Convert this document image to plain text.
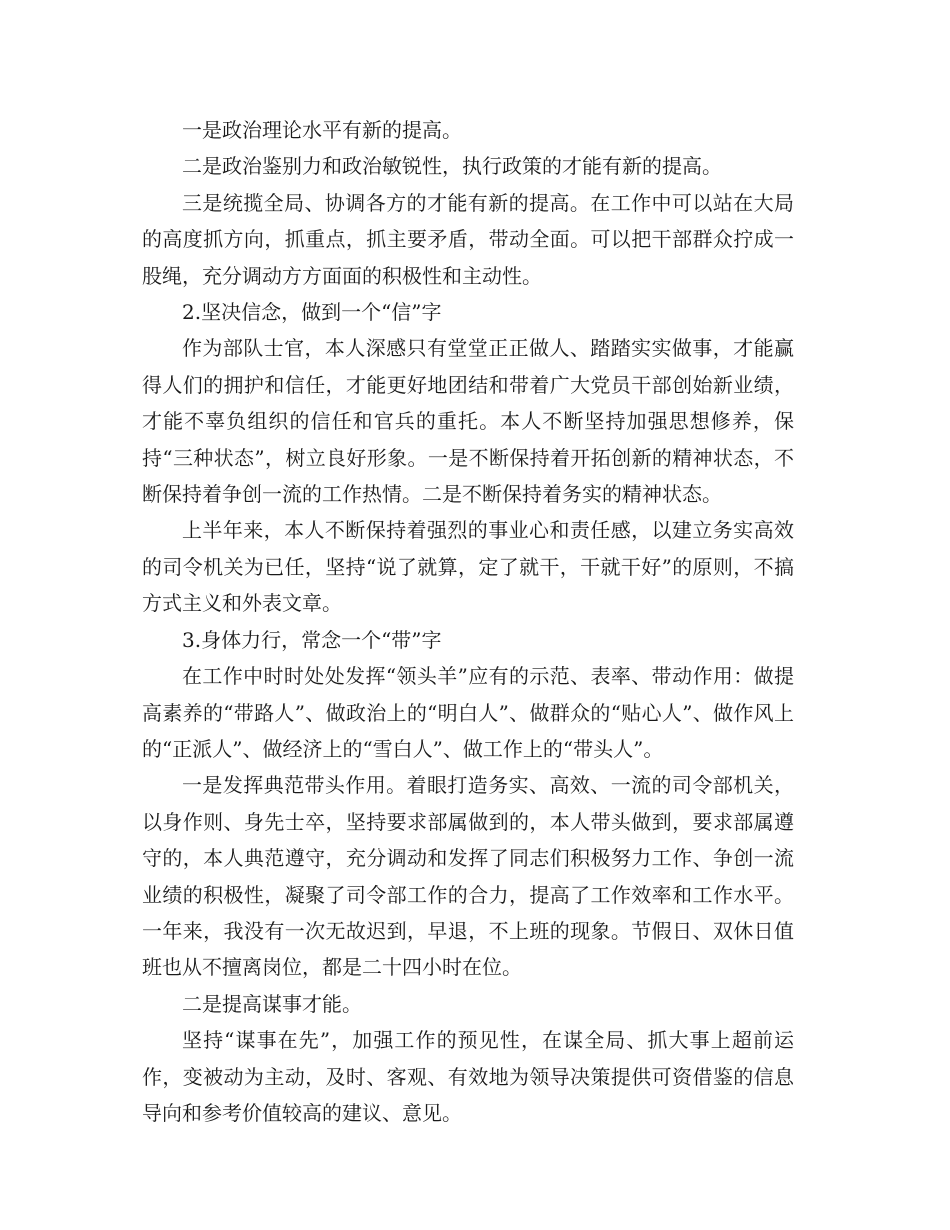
一是政治理论水平有新的提高。

二是政治鉴别力和政治敏锐性，执行政策的才能有新的提高。

三是统揽全局、协调各方的才能有新的提高。在工作中可以站在大局的高度抓方向，抓重点，抓主要矛盾，带动全面。可以把干部群众拧成一股绳，充分调动方方面面的积极性和主动性。

2.坚决信念，做到一个“信”字

作为部队士官，本人深感只有堂堂正正做人、踏踏实实做事，才能赢得人们的拥护和信任，才能更好地团结和带着广大党员干部创始新业绩，才能不辜负组织的信任和官兵的重托。本人不断坚持加强思想修养，保持“三种状态”，树立良好形象。一是不断保持着开拓创新的精神状态，不断保持着争创一流的工作热情。二是不断保持着务实的精神状态。

上半年来，本人不断保持着强烈的事业心和责任感，以建立务实高效的司令机关为已任，坚持“说了就算，定了就干，干就干好”的原则，不搞方式主义和外表文章。

3.身体力行，常念一个“带”字

在工作中时时处处发挥“领头羊”应有的示范、表率、带动作用：做提高素养的“带路人”、做政治上的“明白人”、做群众的“贴心人”、做作风上的“正派人”、做经济上的“雪白人”、做工作上的“带头人”。

一是发挥典范带头作用。着眼打造务实、高效、一流的司令部机关，以身作则、身先士卒，坚持要求部属做到的，本人带头做到，要求部属遵守的，本人典范遵守，充分调动和发挥了同志们积极努力工作、争创一流业绩的积极性，凝聚了司令部工作的合力，提高了工作效率和工作水平。一年来，我没有一次无故迟到，早退，不上班的现象。节假日、双休日值班也从不擅离岗位，都是二十四小时在位。

二是提高谋事才能。

坚持“谋事在先”，加强工作的预见性，在谋全局、抓大事上超前运作，变被动为主动，及时、客观、有效地为领导决策提供可资借鉴的信息导向和参考价值较高的建议、意见。
